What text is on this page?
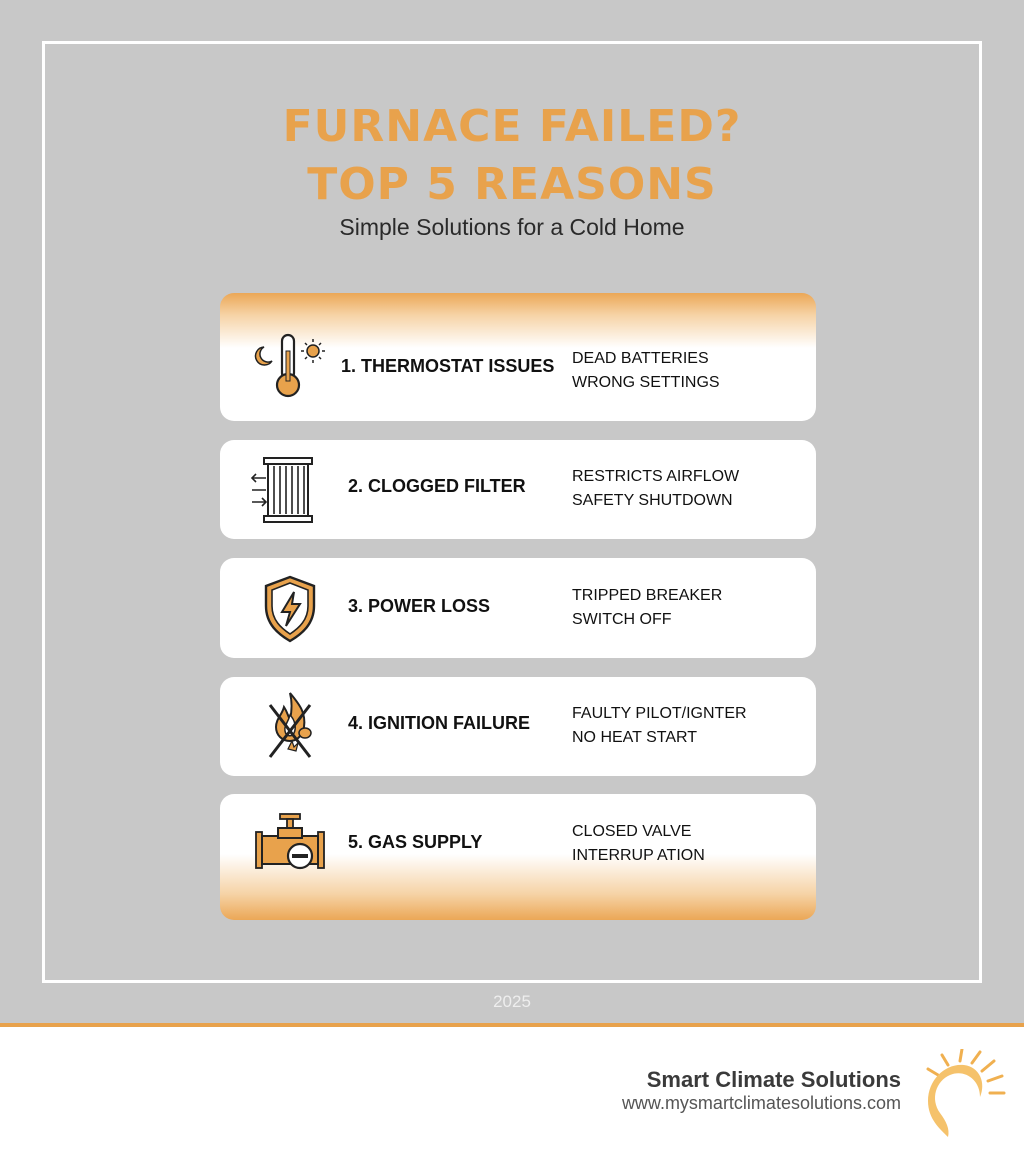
FURNACE FAILED?
TOP 5 REASONS
Simple Solutions for a Cold Home
1. THERMOSTAT ISSUES DEAD BATTERIES
WRONG SETTINGS
2. CLOGGED FILTER	RESTRICTS AIRFLOW
SAFETY SHUTDOWN
3. POWER LOSS
TRIPPED BREAKER
SWITCH OFF
4. IGNITION FAILURE	FAULTY PILOT/IGNTER
NO HEAT START
5. GAS SUPPLY
CLOSED VALVE
INTERRUP ATION
2025
Smart Climate Solutions
www.mysmartclimatesolutions.com
